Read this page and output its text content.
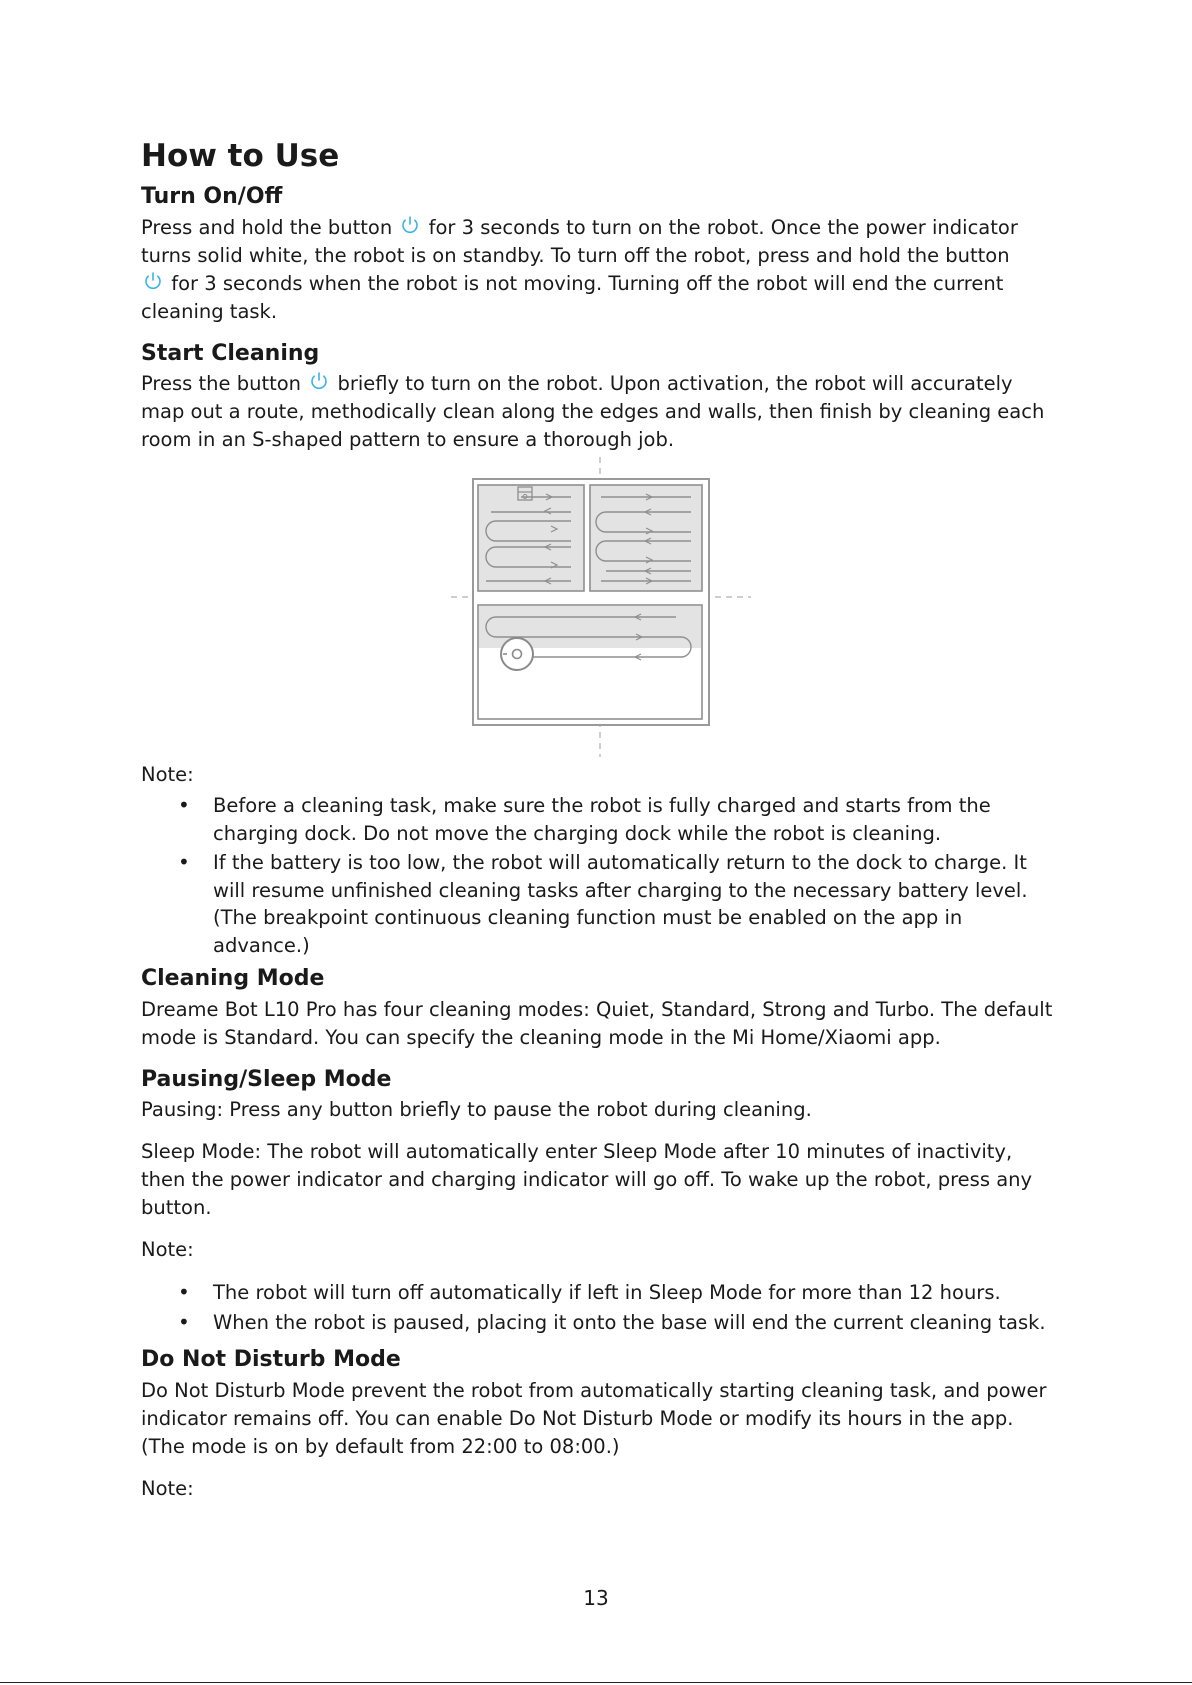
How to Use
Turn On/Off

Press and hold the button for 3 seconds to turn on the robot. Once the power indicator turns solid white, the robot is on standby. To turn off the robot, press and hold the button
for 3 seconds when the robot is not moving. Turning off the robot will end the current cleaning task.

Start Cleaning

Press the button briefly to turn on the robot. Upon activation, the robot will accurately map out a route, methodically clean along the edges and walls, then finish by cleaning each room in an S-shaped pattern to ensure a thorough job.

Note:

• Before a cleaning task, make sure the robot is fully charged and starts from the charging dock. Do not move the charging dock while the robot is cleaning.
• If the battery is too low, the robot will automatically return to the dock to charge. It will resume unfinished cleaning tasks after charging to the necessary battery level. (The breakpoint continuous cleaning function must be enabled on the app in advance.)
Cleaning Mode

Dreame Bot L10 Pro has four cleaning modes: Quiet, Standard, Strong and Turbo. The default mode is Standard. You can specify the cleaning mode in the Mi Home/Xiaomi app.

Pausing/Sleep Mode

Pausing: Press any button briefly to pause the robot during cleaning.

Sleep Mode: The robot will automatically enter Sleep Mode after 10 minutes of inactivity, then the power indicator and charging indicator will go off. To wake up the robot, press any button.

Note:

• The robot will turn off automatically if left in Sleep Mode for more than 12 hours.
• When the robot is paused, placing it onto the base will end the current cleaning task.
Do Not Disturb Mode

Do Not Disturb Mode prevent the robot from automatically starting cleaning task, and power indicator remains off. You can enable Do Not Disturb Mode or modify its hours in the app. (The mode is on by default from 22:00 to 08:00.)

Note:

13
